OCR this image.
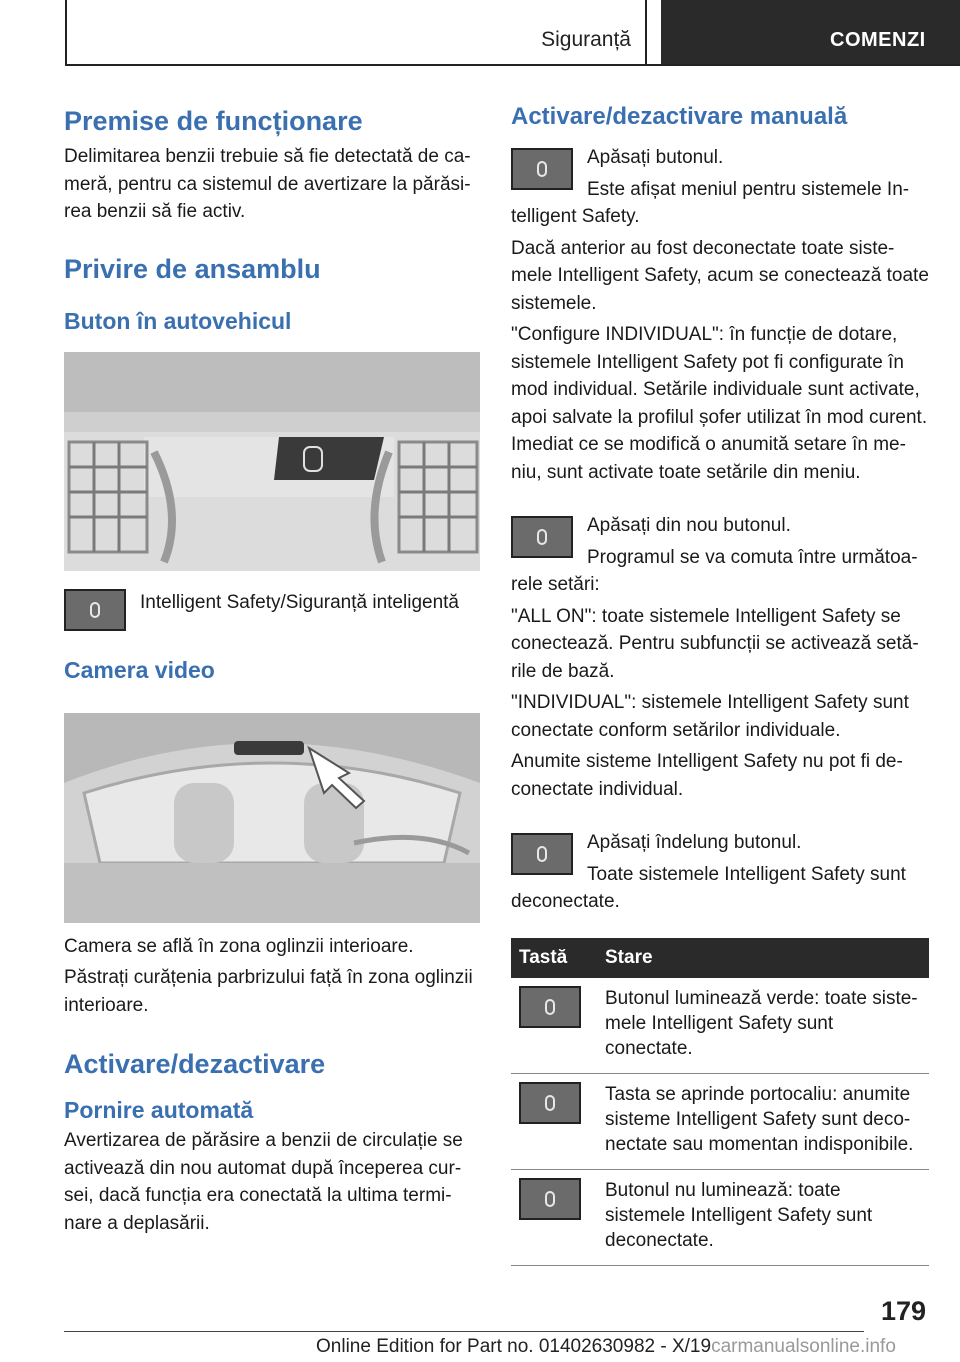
Siguranță	COMENZI
Premise de funcționare

Delimitarea benzii trebuie să fie detectată de ca-meră, pentru ca sistemul de avertizare la părăsi-rea benzii să fie activ.

Privire de ansamblu
Buton în autovehicul

Intelligent Safety/Siguranță inteligentă

Camera video

Camera se află în zona oglinzii interioare.

Păstrați curățenia parbrizului față în zona oglinzii interioare.

Activare/dezactivare
Pornire automată

Avertizarea de părăsire a benzii de circulație se activează din nou automat după începerea cur-sei, dacă funcția era conectată la ultima termi-nare a deplasării.

Activare/dezactivare manuală

Apăsați butonul.

Este afișat meniul pentru sistemele In-telligent Safety.

Dacă anterior au fost deconectate toate siste-mele Intelligent Safety, acum se conectează toate sistemele.

"Configure INDIVIDUAL": în funcție de dotare, sistemele Intelligent Safety pot fi configurate în mod individual. Setările individuale sunt activate, apoi salvate la profilul șofer utilizat în mod curent. Imediat ce se modifică o anumită setare în me-niu, sunt activate toate setările din meniu.

Apăsați din nou butonul.

Programul se va comuta între următoa-rele setări:

"ALL ON": toate sistemele Intelligent Safety se conectează. Pentru subfuncții se activează setă-rile de bază.

"INDIVIDUAL": sistemele Intelligent Safety sunt conectate conform setărilor individuale.

Anumite sisteme Intelligent Safety nu pot fi de-conectate individual.

Apăsați îndelung butonul.

Toate sistemele Intelligent Safety sunt deconectate.

Tastă	Stare
	Butonul luminează verde: toate siste-mele Intelligent Safety sunt conectate.
	Tasta se aprinde portocaliu: anumite sisteme Intelligent Safety sunt deco-nectate sau momentan indisponibile.
	Butonul nu luminează: toate sistemele Intelligent Safety sunt deconectate.
179
Online Edition for Part no. 01402630982 - X/19carmanualsonline.info
